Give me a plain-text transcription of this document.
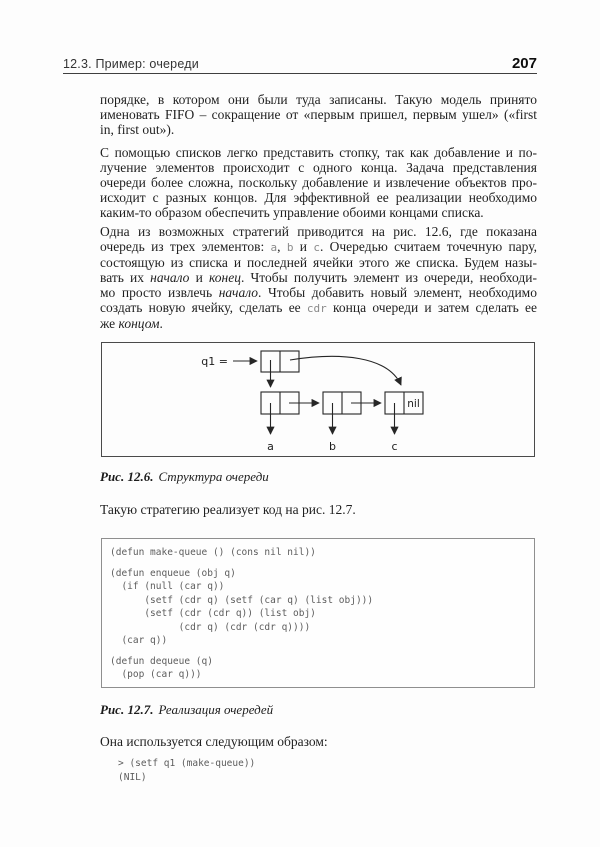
12.3. Пример: очереди	207
порядке, в котором они были туда записаны. Такую модель принято
именовать FIFO – сокращение от «первым пришел, первым ушел» («first
in, first out»).
С помощью списков легко представить стопку, так как добавление и по-
лучение элементов происходит с одного конца. Задача представления
очереди более сложна, поскольку добавление и извлечение объектов про-
исходит с разных концов. Для эффективной ее реализации необходимо
каким-то образом обеспечить управление обоими концами списка.
Одна из возможных стратегий приводится на рис. 12.6, где показана
очередь из трех элементов: a, b и c. Очередью считаем точечную пару,
состоящую из списка и последней ячейки этого же списка. Будем назы-
вать их начало и конец. Чтобы получить элемент из очереди, необходи-
мо просто извлечь начало. Чтобы добавить новый элемент, необходимо
создать новую ячейку, сделать ее cdr конца очереди и затем сделать ее
же концом.
q1 =
nil
a	b	c
Рис. 12.6. Структура очереди
Такую стратегию реализует код на рис. 12.7.
(defun make-queue () (cons nil nil))

(defun enqueue (obj q)
(if (null (car q))
(setf (cdr q) (setf (car q) (list obj)))
(setf (cdr (cdr q)) (list obj)
(cdr q) (cdr (cdr q))))
(car q))

(defun dequeue (q)
(pop (car q)))
Рис. 12.7. Реализация очередей
Она используется следующим образом:
> (setf q1 (make-queue))
(NIL)
